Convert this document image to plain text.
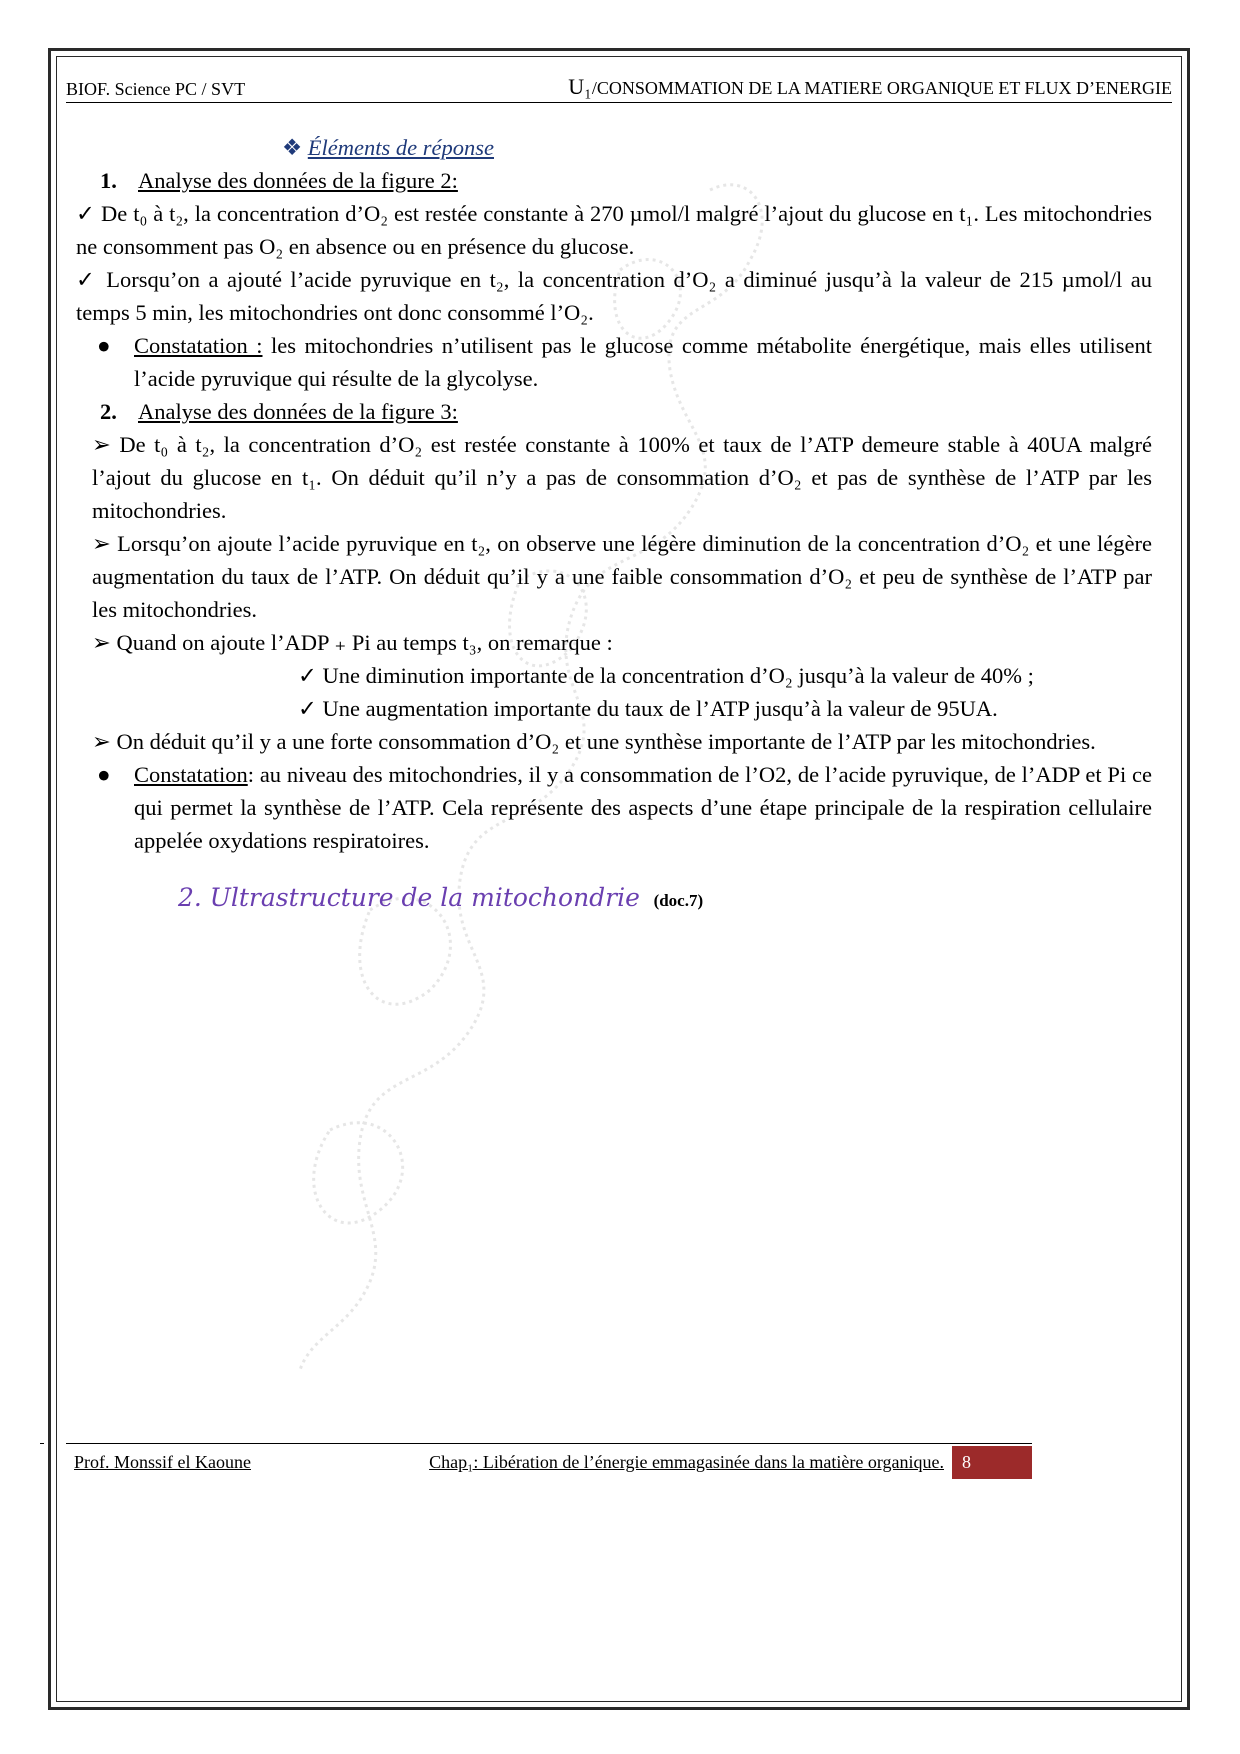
BIOF. Science PC / SVT	U₁/CONSOMMATION DE LA MATIERE ORGANIQUE ET FLUX D’ENERGIE

❖ Éléments de réponse

1. Analyse des données de la figure 2:

✓ De t₀ à t₂, la concentration d’O₂ est restée constante à 270 µmol/l malgré l’ajout du glucose en t₁. Les mitochondries ne consomment pas O₂ en absence ou en présence du glucose.

✓ Lorsqu’on a ajouté l’acide pyruvique en t₂, la concentration d’O₂ a diminué jusqu’à la valeur de 215 µmol/l au temps 5 min, les mitochondries ont donc consommé l’O₂.

● Constatation : les mitochondries n’utilisent pas le glucose comme métabolite énergétique, mais elles utilisent l’acide pyruvique qui résulte de la glycolyse.

2. Analyse des données de la figure 3:

➢ De t₀ à t₂, la concentration d’O₂ est restée constante à 100% et taux de l’ATP demeure stable à 40UA malgré l’ajout du glucose en t₁. On déduit qu’il n’y a pas de consommation d’O₂ et pas de synthèse de l’ATP par les mitochondries.

➢ Lorsqu’on ajoute l’acide pyruvique en t₂, on observe une légère diminution de la concentration d’O₂ et une légère augmentation du taux de l’ATP. On déduit qu’il y a une faible consommation d’O₂ et peu de synthèse de l’ATP par les mitochondries.

➢ Quand on ajoute l’ADP ₊ Pi au temps t₃, on remarque :

✓ Une diminution importante de la concentration d’O₂ jusqu’à la valeur de 40% ;

✓ Une augmentation importante du taux de l’ATP jusqu’à la valeur de 95UA.

➢ On déduit qu’il y a une forte consommation d’O₂ et une synthèse importante de l’ATP par les mitochondries.

● Constatation: au niveau des mitochondries, il y a consommation de l’O2, de l’acide pyruvique, de l’ADP et Pi ce qui permet la synthèse de l’ATP. Cela représente des aspects d’une étape principale de la respiration cellulaire appelée oxydations respiratoires.

2. Ultrastructure de la mitochondrie (doc.7)

Prof. Monssif el Kaoune	Chap₁: Libération de l’énergie emmagasinée dans la matière organique.	8
